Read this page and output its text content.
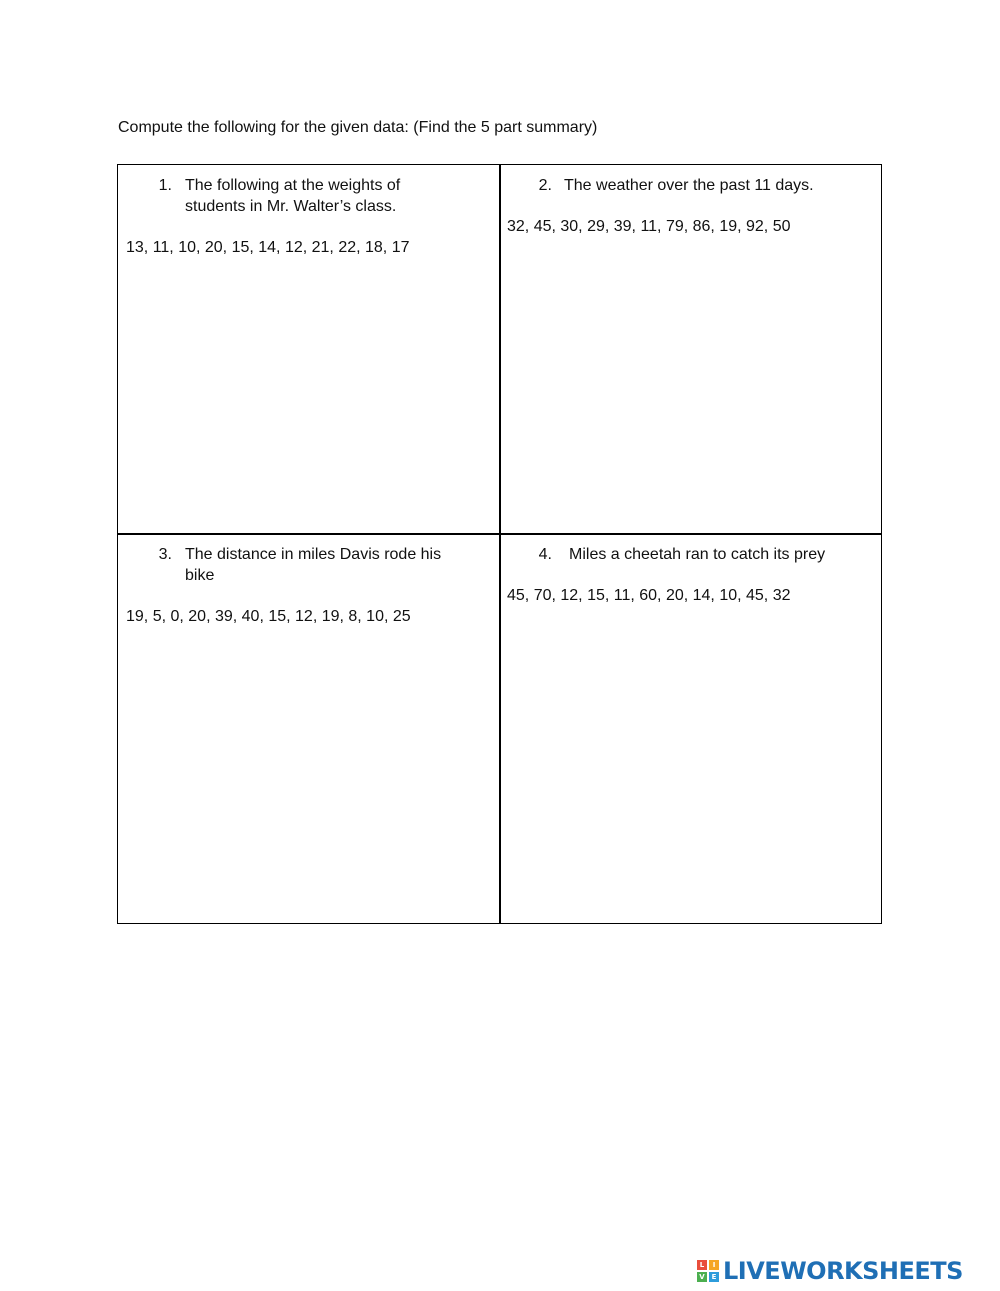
Compute the following for the given data: (Find the 5 part summary)
1. The following at the weights of students in Mr. Walter’s class.
13, 11, 10, 20, 15, 14, 12, 21, 22, 18, 17
2. The weather over the past 11 days.
32, 45, 30, 29, 39, 11, 79, 86, 19, 92, 50
3. The distance in miles Davis rode his bike
19, 5, 0, 20, 39, 40, 15, 12, 19, 8, 10, 25
4.	Miles a cheetah ran to catch its prey
45, 70, 12, 15, 11, 60, 20, 14, 10, 45, 32
L	I
V E LIVEWORKSHEETS
